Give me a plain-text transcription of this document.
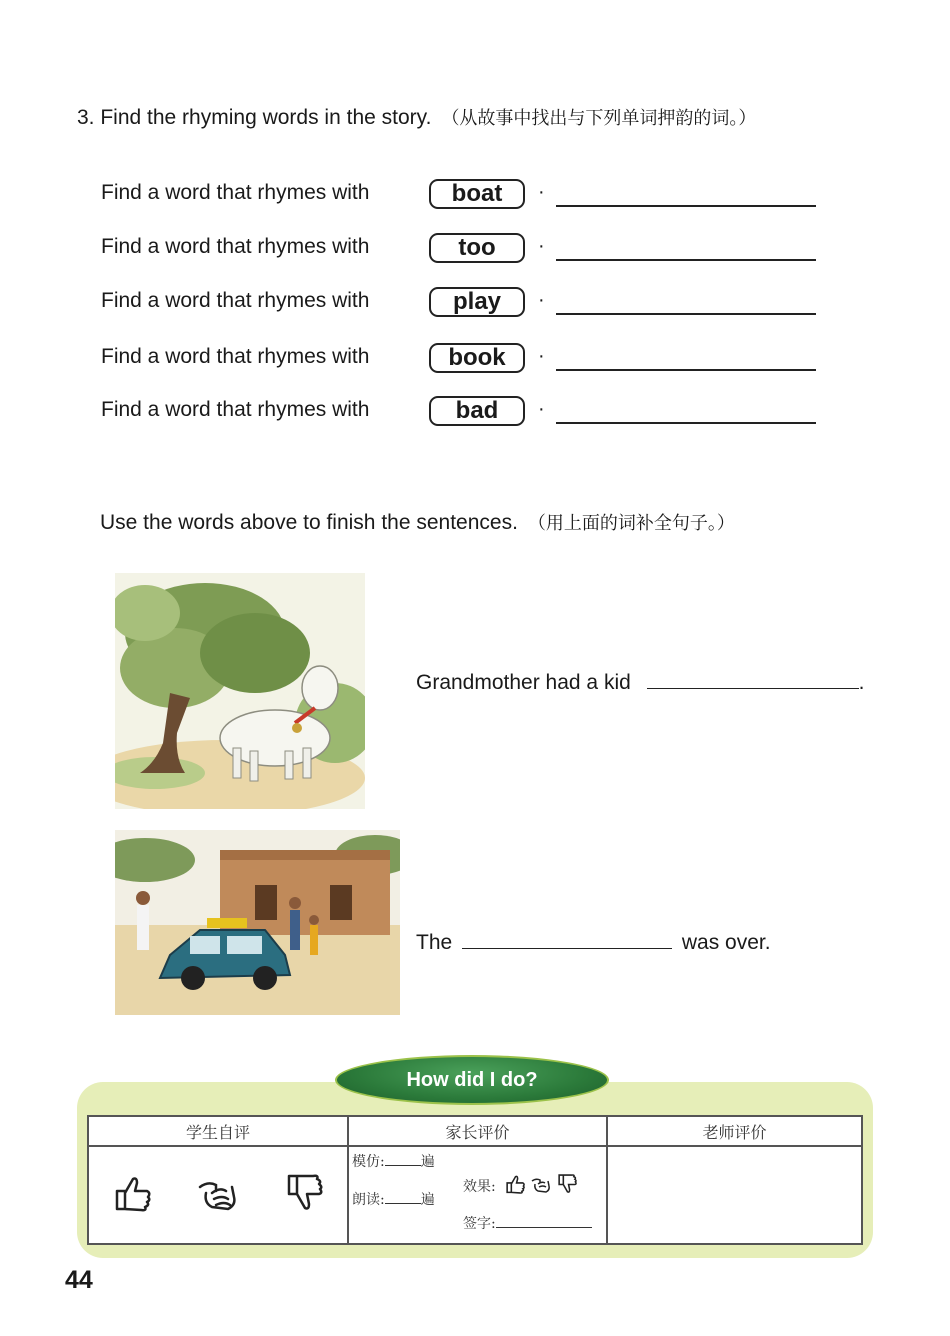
3. Find the rhyming words in the story. （从故事中找出与下列单词押韵的词。）
Find a word that rhymes with	boat	·
Find a word that rhymes with	too	·
Find a word that rhymes with	play	·
Find a word that rhymes with	book	·
Find a word that rhymes with	bad	·
Use the words above to finish the sentences. （用上面的词补全句子。）
Grandmother had a kid	.
The	was over.
How did I do?
学生自评	家长评价	老师评价

模仿: 遍
朗读: 遍
效果:
签字:	

44
